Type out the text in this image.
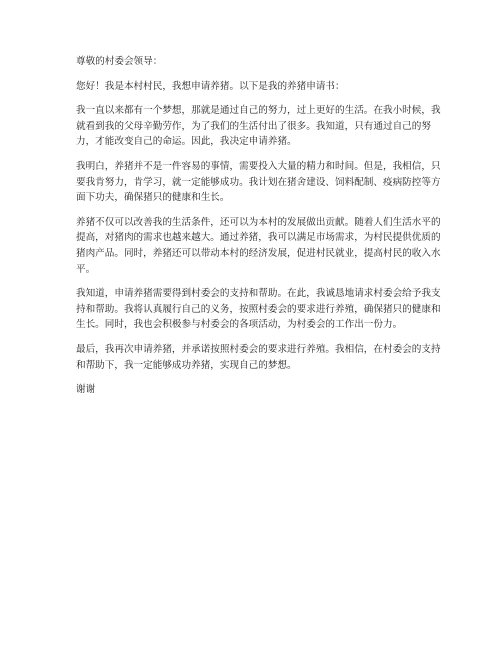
尊敬的村委会领导：

您好！我是本村村民，我想申请养猪。以下是我的养猪申请书：

我一直以来都有一个梦想，那就是通过自己的努力，过上更好的生活。在我小时候，我就看到我的父母辛勤劳作，为了我们的生活付出了很多。我知道，只有通过自己的努力，才能改变自己的命运。因此，我决定申请养猪。

我明白，养猪并不是一件容易的事情，需要投入大量的精力和时间。但是，我相信，只要我肯努力，肯学习，就一定能够成功。我计划在猪舍建设、饲料配制、疫病防控等方面下功夫，确保猪只的健康和生长。

养猪不仅可以改善我的生活条件，还可以为本村的发展做出贡献。随着人们生活水平的提高，对猪肉的需求也越来越大。通过养猪，我可以满足市场需求，为村民提供优质的猪肉产品。同时，养猪还可以带动本村的经济发展，促进村民就业，提高村民的收入水平。

我知道，申请养猪需要得到村委会的支持和帮助。在此，我诚恳地请求村委会给予我支持和帮助。我将认真履行自己的义务，按照村委会的要求进行养殖，确保猪只的健康和生长。同时，我也会积极参与村委会的各项活动，为村委会的工作出一份力。

最后，我再次申请养猪，并承诺按照村委会的要求进行养殖。我相信，在村委会的支持和帮助下，我一定能够成功养猪，实现自己的梦想。

谢谢
